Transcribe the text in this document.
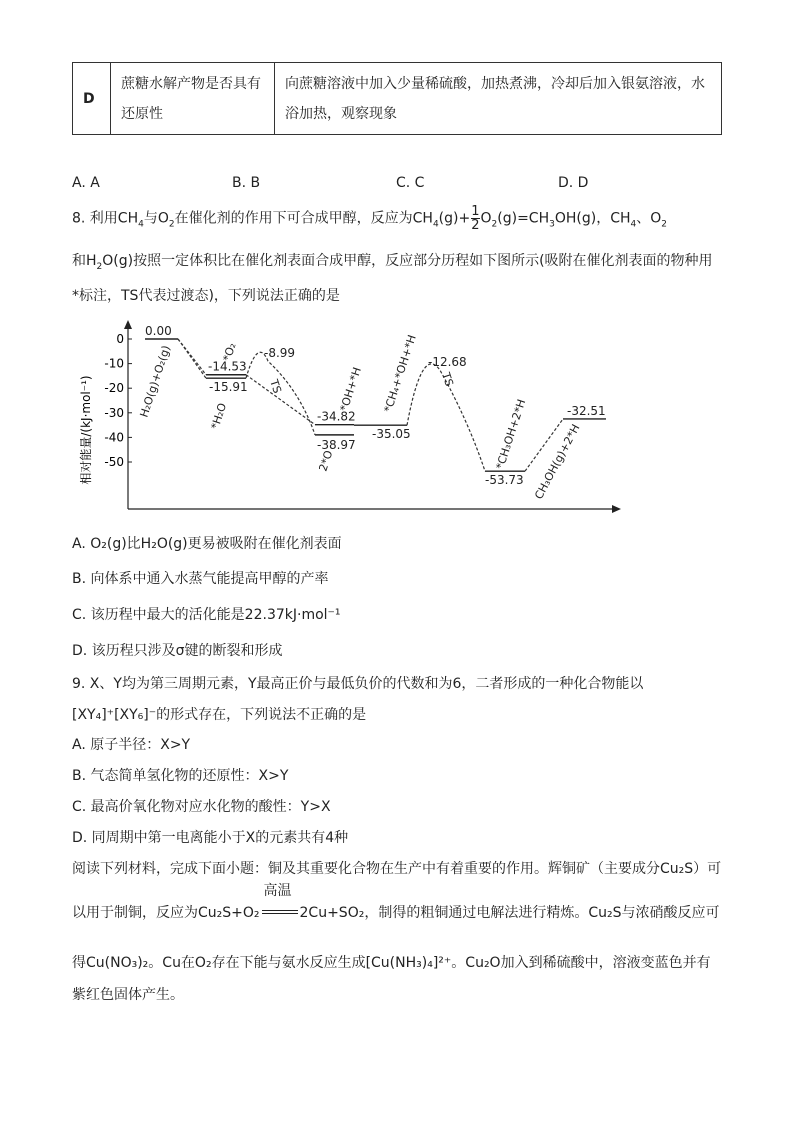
D	
蔗糖水解产物是否具有
还原性

向蔗糖溶液中加入少量稀硫酸，加热煮沸，冷却后加入银氨溶液，水
浴加热，观察现象
A. A	B. B	C. C	D. D
8. 利用$CH_4$与$O_2$在催化剂的作用下可合成甲醇，反应为$CH_4(g)+ \frac{1}{2} O_2(g)=CH_3OH(g)$，$CH_4$、$O_2$
和$H_2O(g)$按照一定体积比在催化剂表面合成甲醇，反应部分历程如下图所示(吸附在催化剂表面的物种用
*标注，TS代表过渡态)，下列说法正确的是
0
-10
-20
-30
-40
-50
相对能量/(kJ·mol⁻¹)
0.00
-14.53
-15.91
-34.82
-38.97
-35.05
-53.73
-32.51
-8.99
-12.68
H₂O(g)+O₂(g)	*O₂
*H₂O
*OH+*H
2*O
*CH₄+*OH+*H
*CH₃OH+2*H CH₃OH(g)+2*H
TS	TS
A. O₂(g)比H₂O(g)更易被吸附在催化剂表面
B. 向体系中通入水蒸气能提高甲醇的产率
C. 该历程中最大的活化能是22.37kJ·mol⁻¹
D. 该历程只涉及σ键的断裂和形成
9. X、Y均为第三周期元素，Y最高正价与最低负价的代数和为6，二者形成的一种化合物能以
[XY₄]⁺[XY₆]⁻的形式存在，下列说法不正确的是
A. 原子半径：X>Y
B. 气态简单氢化物的还原性：X>Y
C. 最高价氧化物对应水化物的酸性：Y>X
D. 同周期中第一电离能小于X的元素共有4种
阅读下列材料，完成下面小题：铜及其重要化合物在生产中有着重要的作用。辉铜矿（主要成分Cu₂S）可
以用于制铜，反应为Cu₂S+O₂
高温
2Cu+SO₂，制得的粗铜通过电解法进行精炼。Cu₂S与浓硝酸反应可
得Cu(NO₃)₂。Cu在O₂存在下能与氨水反应生成[Cu(NH₃)₄]²⁺。Cu₂O加入到稀硫酸中，溶液变蓝色并有
紫红色固体产生。
